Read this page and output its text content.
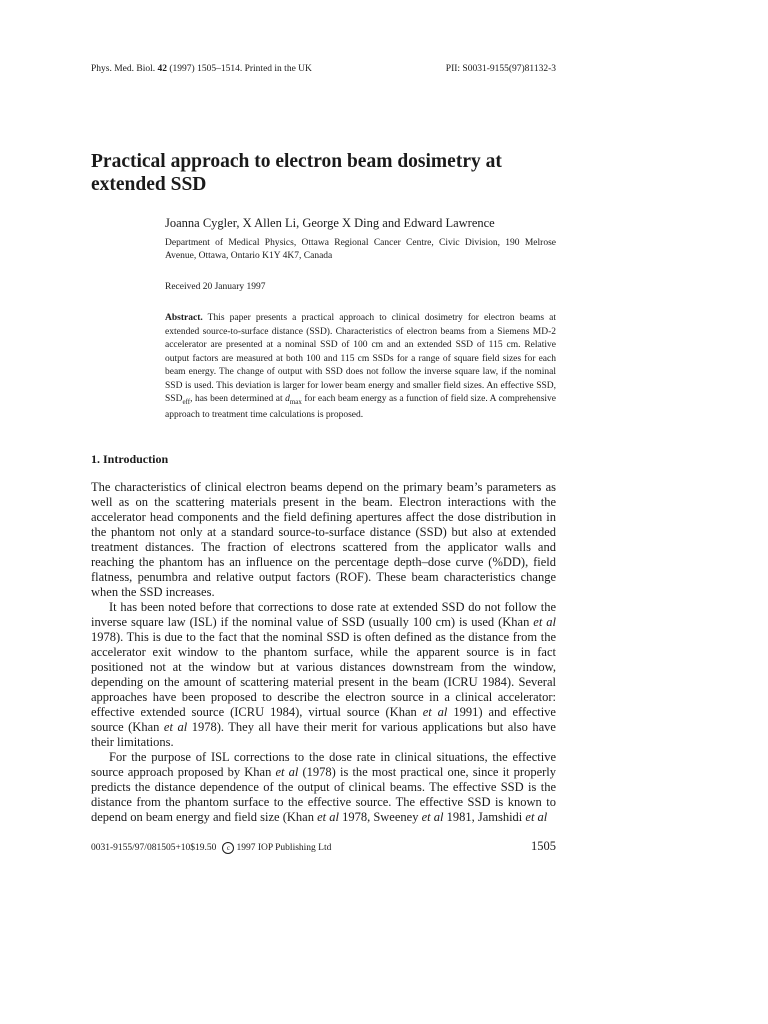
Phys. Med. Biol. 42 (1997) 1505–1514. Printed in the UK	PII: S0031-9155(97)81132-3
Practical approach to electron beam dosimetry at extended SSD
Joanna Cygler, X Allen Li, George X Ding and Edward Lawrence
Department of Medical Physics, Ottawa Regional Cancer Centre, Civic Division, 190 Melrose Avenue, Ottawa, Ontario K1Y 4K7, Canada
Received 20 January 1997

Abstract. This paper presents a practical approach to clinical dosimetry for electron beams at extended source-to-surface distance (SSD). Characteristics of electron beams from a Siemens MD-2 accelerator are presented at a nominal SSD of 100 cm and an extended SSD of 115 cm. Relative output factors are measured at both 100 and 115 cm SSDs for a range of square field sizes for each beam energy. The change of output with SSD does not follow the inverse square law, if the nominal SSD is used. This deviation is larger for lower beam energy and smaller field sizes. An effective SSD, $SSD_{eff}$, has been determined at $d_{max}$ for each beam energy as a function of field size. A comprehensive approach to treatment time calculations is proposed.

1. Introduction

The characteristics of clinical electron beams depend on the primary beam’s parameters as well as on the scattering materials present in the beam. Electron interactions with the accelerator head components and the field defining apertures affect the dose distribution in the phantom not only at a standard source-to-surface distance (SSD) but also at extended treatment distances. The fraction of electrons scattered from the applicator walls and reaching the phantom has an influence on the percentage depth–dose curve (%DD), field flatness, penumbra and relative output factors (ROF). These beam characteristics change when the SSD increases.

It has been noted before that corrections to dose rate at extended SSD do not follow the inverse square law (ISL) if the nominal value of SSD (usually 100 cm) is used (Khan et al 1978). This is due to the fact that the nominal SSD is often defined as the distance from the accelerator exit window to the phantom surface, while the apparent source is in fact positioned not at the window but at various distances downstream from the window, depending on the amount of scattering material present in the beam (ICRU 1984). Several approaches have been proposed to describe the electron source in a clinical accelerator: effective extended source (ICRU 1984), virtual source (Khan et al 1991) and effective source (Khan et al 1978). They all have their merit for various applications but also have their limitations.

For the purpose of ISL corrections to the dose rate in clinical situations, the effective source approach proposed by Khan et al (1978) is the most practical one, since it properly predicts the distance dependence of the output of clinical beams. The effective SSD is the distance from the phantom surface to the effective source. The effective SSD is known to depend on beam energy and field size (Khan et al 1978, Sweeney et al 1981, Jamshidi et al

0031-9155/97/081505+10$19.50 c 1997 IOP Publishing Ltd	1505
